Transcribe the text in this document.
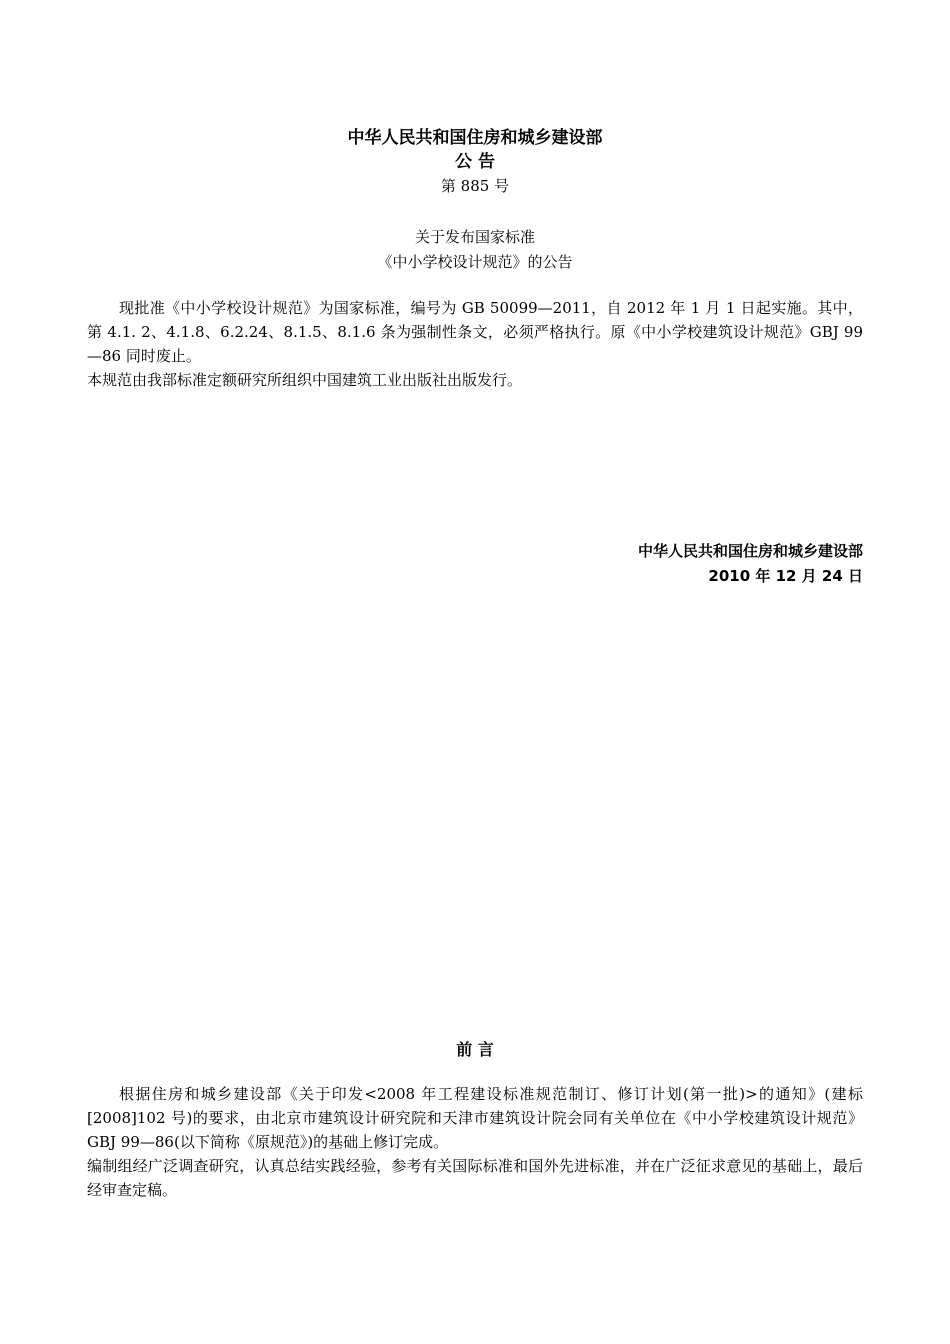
中华人民共和国住房和城乡建设部
公 告
第 885 号
关于发布国家标准
《中小学校设计规范》的公告

现批准《中小学校设计规范》为国家标准，编号为 GB 50099—2011，自 2012 年 1 月 1 日起实施。其中，第 4.1. 2、4.1.8、6.2.24、8.1.5、8.1.6 条为强制性条文，必须严格执行。原《中小学校建筑设计规范》GBJ 99—86 同时废止。

本规范由我部标准定额研究所组织中国建筑工业出版社出版发行。

中华人民共和国住房和城乡建设部
2010 年 12 月 24 日
前 言

根据住房和城乡建设部《关于印发<2008 年工程建设标准规范制订、修订计划(第一批)>的通知》(建标[2008]102 号)的要求，由北京市建筑设计研究院和天津市建筑设计院会同有关单位在《中小学校建筑设计规范》GBJ 99—86(以下简称《原规范》)的基础上修订完成。

编制组经广泛调查研究，认真总结实践经验，参考有关国际标准和国外先进标准，并在广泛征求意见的基础上，最后经审查定稿。
